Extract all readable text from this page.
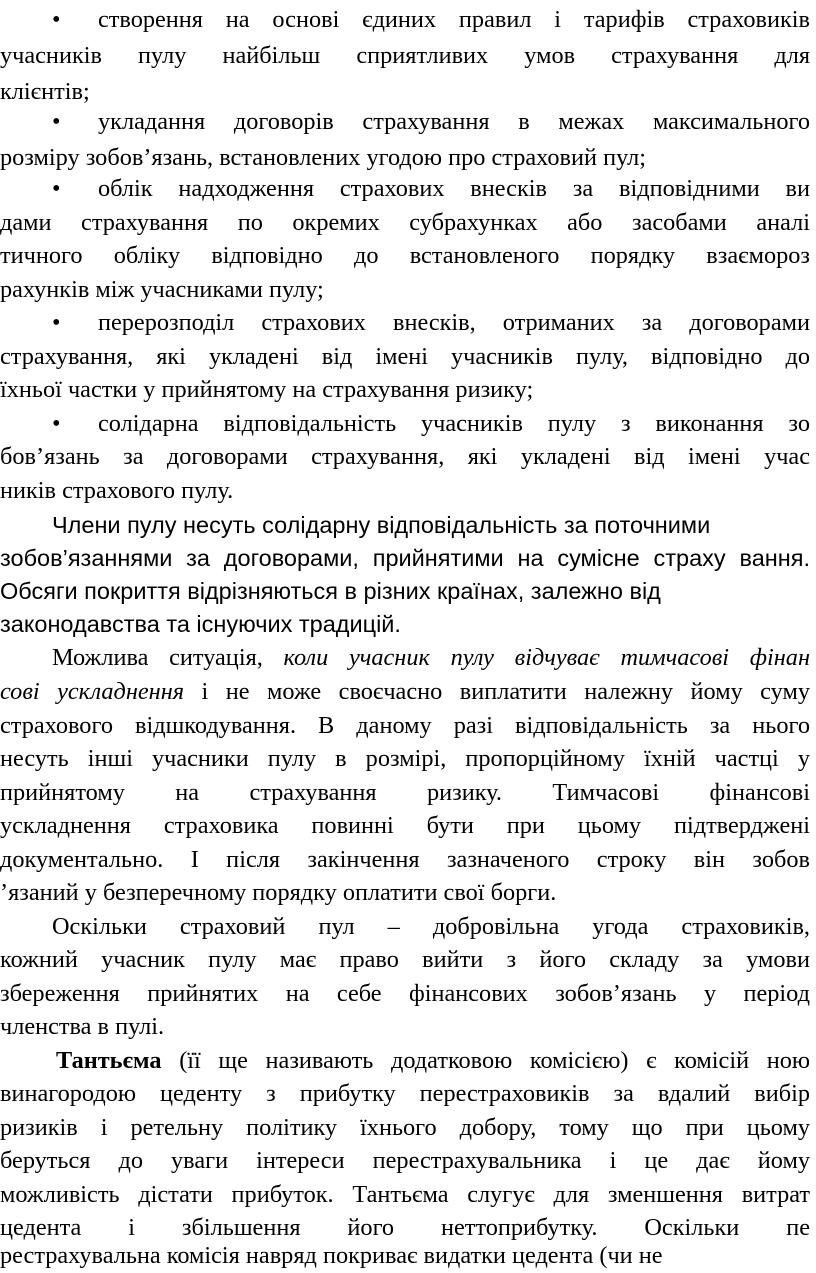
• створення на основі єдиних правил і тарифів страховиків
учасників пулу найбільш сприятливих умов страхування для
клієнтів;
• укладання договорів страхування в межах максимального
розміру зобов’язань, встановлених угодою про страховий пул;
• облік надходження страхових внесків за відповідними ви
дами страхування по окремих субрахунках або засобами аналі
тичного обліку відповідно до встановленого порядку взаєморoз
рахунків між учасниками пулу;
• перерозподіл страхових внесків, отриманих за договорами
страхування, які укладені від імені учасників пулу, відповідно до
їхньої частки у прийнятому на страхування ризику;
• солідарна відповідальність учасників пулу з виконання зо
бов’язань за договорами страхування, які укладені від імені учас
ників страхового пулу.
Члени пулу несуть солідарну відповідальність за поточними
зобов’язаннями за договорами, прийнятими на сумісне страху вання.
Обсяги покриття відрізняються в різних країнах, залежно від
законодавства та існуючих традицій.
Можлива ситуація, коли учасник пулу відчуває тимчасові фінан
сові ускладнення і не може своєчасно виплатити належну йому суму
страхового відшкодування. В даному разі відповідальність за нього
несуть інші учасники пулу в розмірі, пропорційному їхній частці у
прийнятому на страхування ризику. Тимчасові фінансові
ускладнення страховика повинні бути при цьому підтверджені
документально. І після закінчення зазначеного строку він зобов
’язаний у безперечному порядку оплатити свої борги.
Оскільки страховий пул – добровільна угода страховиків,
кожний учасник пулу має право вийти з його складу за умови
збереження прийнятих на себе фінансових зобов’язань у період
членства в пулі.
Тантьєма (її ще називають додатковою комісією) є комісій ною
винагородою цеденту з прибутку перестраховиків за вдалий вибір
ризиків і ретельну політику їхнього добору, тому що при цьому
беруться до уваги інтереси перестрахувальника і це дає йому
можливість дістати прибуток. Тантьєма слугує для зменшення витрат
цедента і збільшення його неттоприбутку. Оскільки пе
рестрахувальна комісія навряд покриває видатки цедента (чи не
